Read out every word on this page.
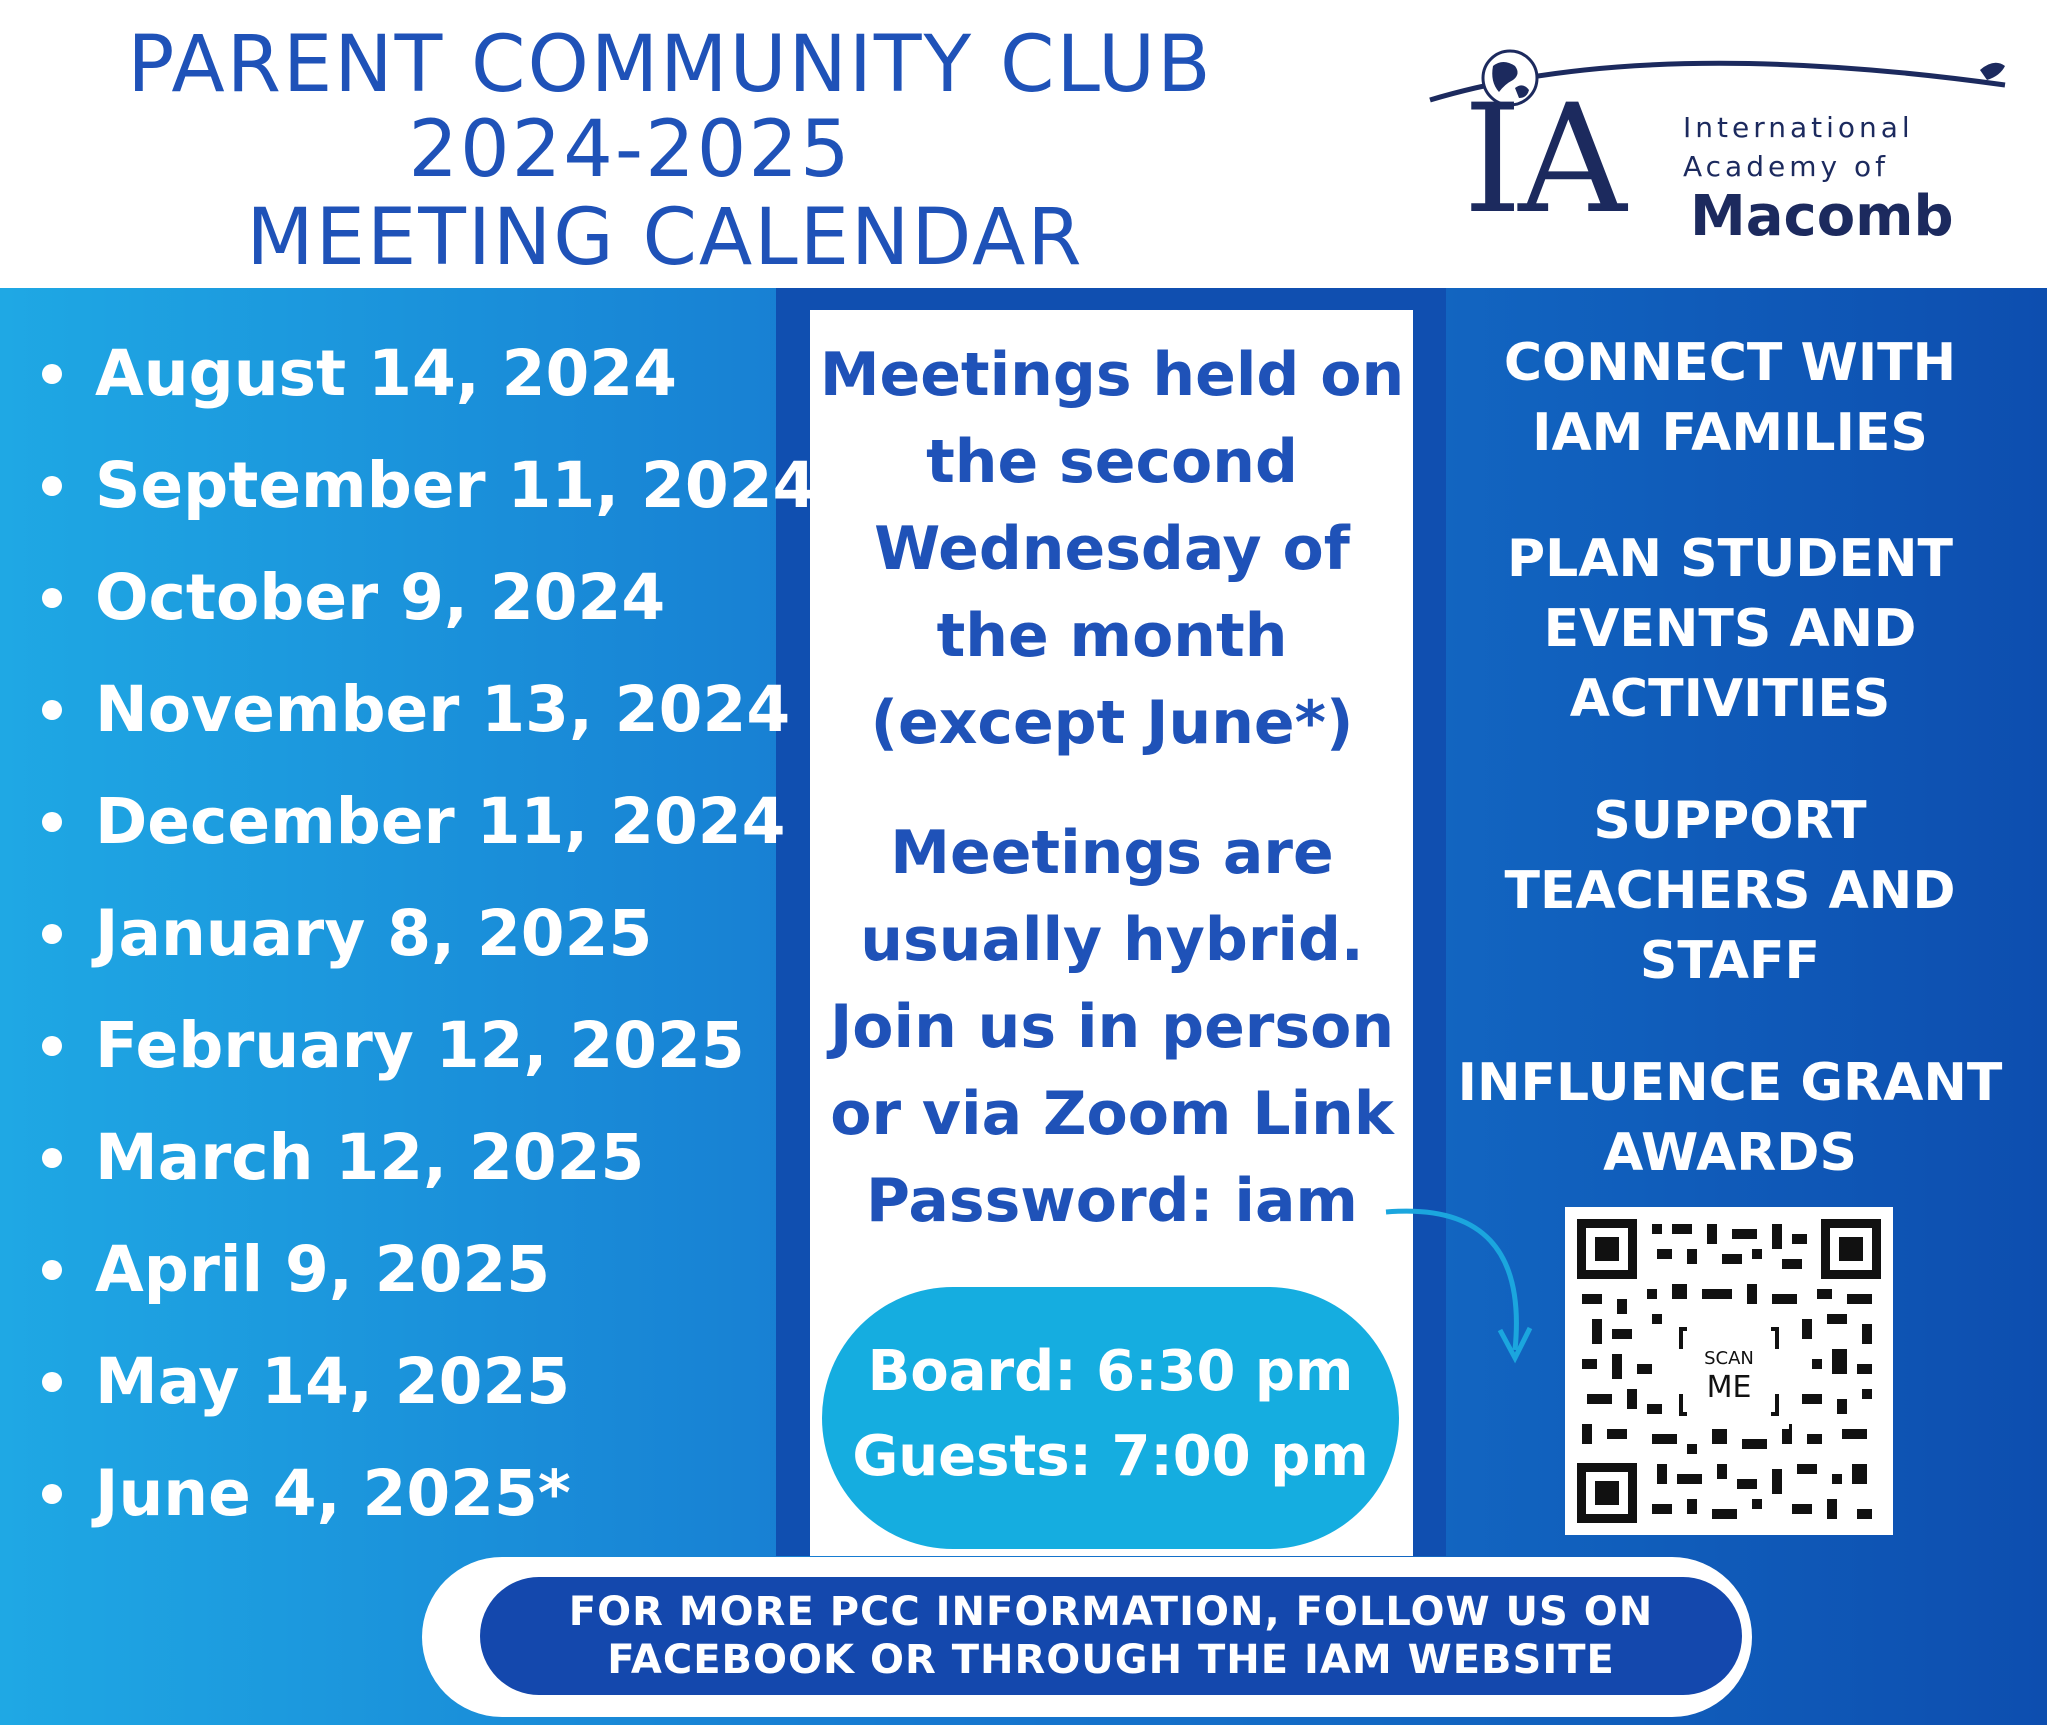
PARENT COMMUNITY CLUB
2024-2025
MEETING CALENDAR	IA International
Academy of
Macomb
August 14, 2024
September 11, 2024
October 9, 2024
November 13, 2024
December 11, 2024
January 8, 2025
February 12, 2025
March 12, 2025
April 9, 2025
May 14, 2025
June 4, 2025*
Meetings held on
the second
Wednesday of
the month
(except June*)
Meetings are
usually hybrid.
Join us in person
or via Zoom Link
Password: iam
Board: 6:30 pm
Guests: 7:00 pm
CONNECT WITH
IAM FAMILIES
PLAN STUDENT
EVENTS AND
ACTIVITIES
SUPPORT
TEACHERS AND
STAFF
INFLUENCE GRANT
AWARDS
SCAN
ME
FOR MORE PCC INFORMATION, FOLLOW US ON
FACEBOOK OR THROUGH THE IAM WEBSITE
